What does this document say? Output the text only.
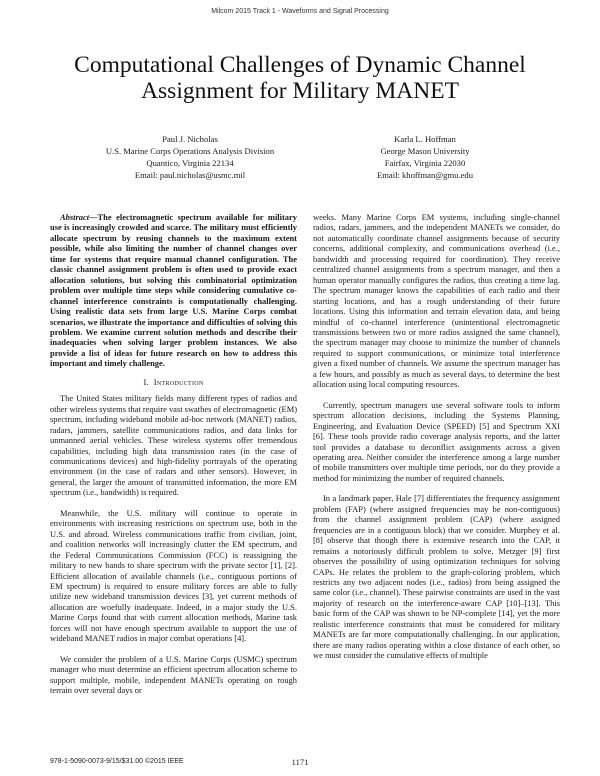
Milcom 2015 Track 1 - Waveforms and Signal Processing
Computational Challenges of Dynamic Channel Assignment for Military MANET
Paul J. Nicholas
U.S. Marine Corps Operations Analysis Division
Quantico, Virginia 22134
Email: paul.nicholas@usmc.mil
Karla L. Hoffman
George Mason University
Fairfax, Virginia 22030
Email: khoffman@gmu.edu

Abstract—The electromagnetic spectrum available for military use is increasingly crowded and scarce. The military must efficiently allocate spectrum by reusing channels to the maximum extent possible, while also limiting the number of channel changes over time for systems that require manual channel configuration. The classic channel assignment problem is often used to provide exact allocation solutions, but solving this combinatorial optimization problem over multiple time steps while considering cumulative co-channel interference constraints is computationally challenging. Using realistic data sets from large U.S. Marine Corps combat scenarios, we illustrate the importance and difficulties of solving this problem. We examine current solution methods and describe their inadequacies when solving larger problem instances. We also provide a list of ideas for future research on how to address this important and timely challenge.

I. Introduction

The United States military fields many different types of radios and other wireless systems that require vast swathes of electromagnetic (EM) spectrum, including wideband mobile ad-hoc network (MANET) radios, radars, jammers, satellite communications radios, and data links for unmanned aerial vehicles. These wireless systems offer tremendous capabilities, including high data transmission rates (in the case of communications devices) and high-fidelity portrayals of the operating environment (in the case of radars and other sensors). However, in general, the larger the amount of transmitted information, the more EM spectrum (i.e., bandwidth) is required.

Meanwhile, the U.S. military will continue to operate in environments with increasing restrictions on spectrum use, both in the U.S. and abroad. Wireless communications traffic from civilian, joint, and coalition networks will increasingly clutter the EM spectrum, and the Federal Communications Commission (FCC) is reassigning the military to new bands to share spectrum with the private sector [1], [2]. Efficient allocation of available channels (i.e., contiguous portions of EM spectrum) is required to ensure military forces are able to fully utilize new wideband transmission devices [3], yet current methods of allocation are woefully inadequate. Indeed, in a major study the U.S. Marine Corps found that with current allocation methods, Marine task forces will not have enough spectrum available to support the use of wideband MANET radios in major combat operations [4].

We consider the problem of a U.S. Marine Corps (USMC) spectrum manager who must determine an efficient spectrum allocation scheme to support multiple, mobile, independent MANETs operating on rough terrain over several days or

weeks. Many Marine Corps EM systems, including single-channel radios, radars, jammers, and the independent MANETs we consider, do not automatically coordinate channel assignments because of security concerns, additional complexity, and communications overhead (i.e., bandwidth and processing required for coordination). They receive centralized channel assignments from a spectrum manager, and then a human operator manually configures the radios, thus creating a time lag. The spectrum manager knows the capabilities of each radio and their starting locations, and has a rough understanding of their future locations. Using this information and terrain elevation data, and being mindful of co-channel interference (unintentional electromagnetic transmissions between two or more radios assigned the same channel), the spectrum manager may choose to minimize the number of channels required to support communications, or minimize total interference given a fixed number of channels. We assume the spectrum manager has a few hours, and possibly as much as several days, to determine the best allocation using local computing resources.

Currently, spectrum managers use several software tools to inform spectrum allocation decisions, including the Systems Planning, Engineering, and Evaluation Device (SPEED) [5] and Spectrum XXI [6]. These tools provide radio coverage analysis reports, and the latter tool provides a database to deconflict assignments across a given operating area. Neither consider the interference among a large number of mobile transmitters over multiple time periods, nor do they provide a method for minimizing the number of required channels.

In a landmark paper, Hale [7] differentiates the frequency assignment problem (FAP) (where assigned frequencies may be non-contiguous) from the channel assignment problem (CAP) (where assigned frequencies are in a contiguous block) that we consider. Murphey et al. [8] observe that though there is extensive research into the CAP, it remains a notoriously difficult problem to solve. Metzger [9] first observes the possibility of using optimization techniques for solving CAPs. He relates the problem to the graph-coloring problem, which restricts any two adjacent nodes (i.e., radios) from being assigned the same color (i.e., channel). These pairwise constraints are used in the vast majority of research on the interference-aware CAP [10]–[13]. This basic form of the CAP was shown to be NP-complete [14], yet the more realistic interference constraints that must be considered for military MANETs are far more computationally challenging. In our application, there are many radios operating within a close distance of each other, so we must consider the cumulative effects of multiple

978-1-5090-0073-9/15/$31.00 ©2015 IEEE	1171
